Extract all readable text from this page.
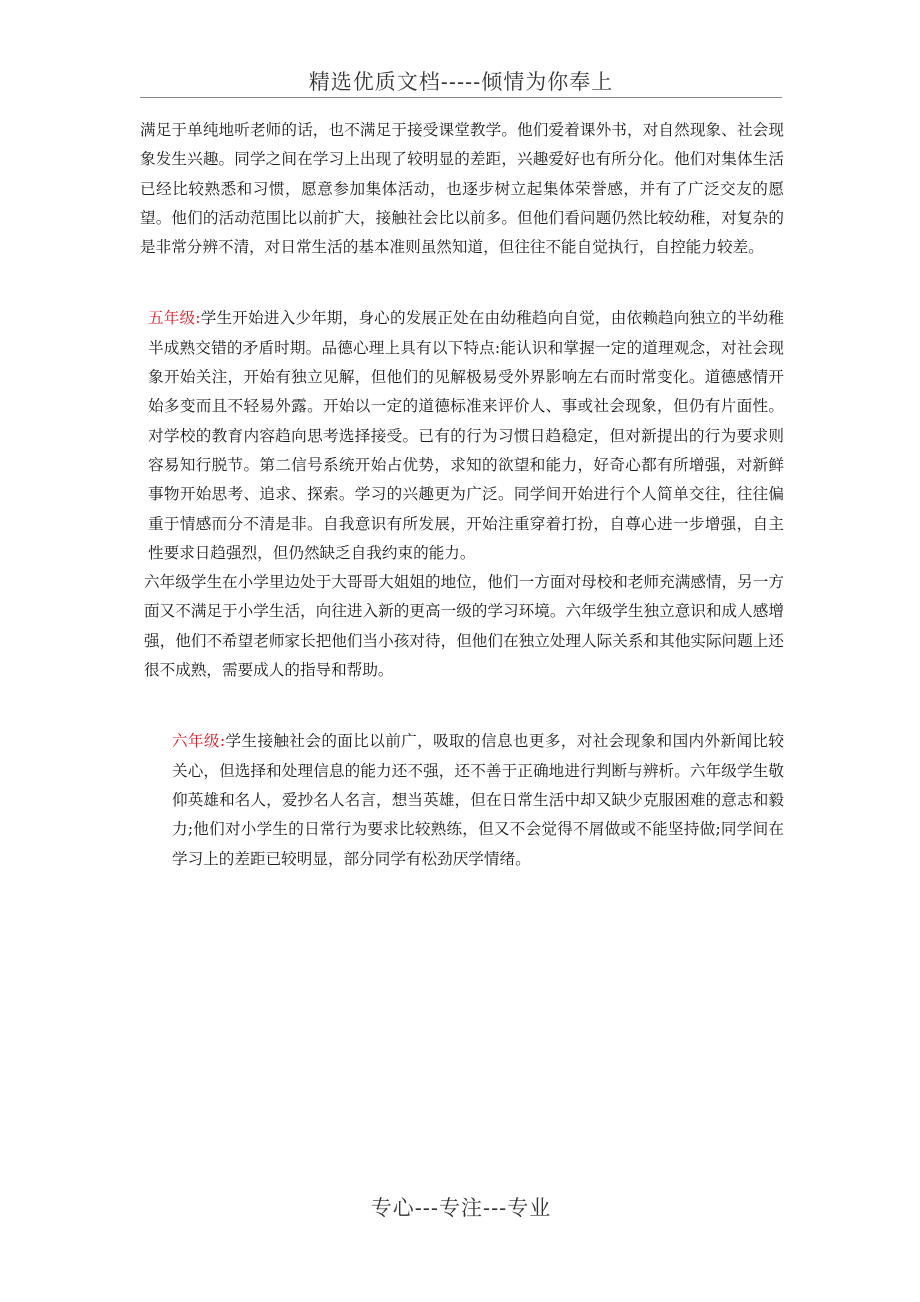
精选优质文档-----倾情为你奉上

满足于单纯地听老师的话，也不满足于接受课堂教学。他们爱着课外书，对自然现象、社会现象发生兴趣。同学之间在学习上出现了较明显的差距，兴趣爱好也有所分化。他们对集体生活已经比较熟悉和习惯，愿意参加集体活动，也逐步树立起集体荣誉感，并有了广泛交友的愿望。他们的活动范围比以前扩大，接触社会比以前多。但他们看问题仍然比较幼稚，对复杂的是非常分辨不清，对日常生活的基本准则虽然知道，但往往不能自觉执行，自控能力较差。

五年级:学生开始进入少年期，身心的发展正处在由幼稚趋向自觉，由依赖趋向独立的半幼稚半成熟交错的矛盾时期。品德心理上具有以下特点:能认识和掌握一定的道理观念，对社会现象开始关注，开始有独立见解，但他们的见解极易受外界影响左右而时常变化。道德感情开始多变而且不轻易外露。开始以一定的道德标准来评价人、事或社会现象，但仍有片面性。对学校的教育内容趋向思考选择接受。已有的行为习惯日趋稳定，但对新提出的行为要求则容易知行脱节。第二信号系统开始占优势，求知的欲望和能力，好奇心都有所增强，对新鲜事物开始思考、追求、探索。学习的兴趣更为广泛。同学间开始进行个人简单交往，往往偏重于情感而分不清是非。自我意识有所发展，开始注重穿着打扮，自尊心进一步增强，自主性要求日趋强烈，但仍然缺乏自我约束的能力。

六年级学生在小学里边处于大哥哥大姐姐的地位，他们一方面对母校和老师充满感情，另一方面又不满足于小学生活，向往进入新的更高一级的学习环境。六年级学生独立意识和成人感增强，他们不希望老师家长把他们当小孩对待，但他们在独立处理人际关系和其他实际问题上还很不成熟，需要成人的指导和帮助。

六年级:学生接触社会的面比以前广，吸取的信息也更多，对社会现象和国内外新闻比较关心，但选择和处理信息的能力还不强，还不善于正确地进行判断与辨析。六年级学生敬仰英雄和名人，爱抄名人名言，想当英雄，但在日常生活中却又缺少克服困难的意志和毅力;他们对小学生的日常行为要求比较熟练，但又不会觉得不屑做或不能坚持做;同学间在学习上的差距已较明显，部分同学有松劲厌学情绪。

专心---专注---专业
